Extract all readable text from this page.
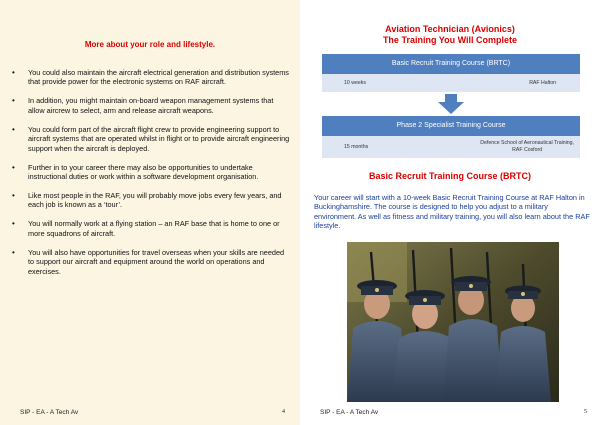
More about your role and lifestyle.
•	You could also maintain the aircraft electrical generation and distribution systems that provide power for the electronic systems on RAF aircraft.
•	In addition, you might maintain on-board weapon management systems that allow aircrew to select, arm and release aircraft weapons.
•	You could form part of the aircraft flight crew to provide engineering support to aircraft systems that are operated whilst in flight or to provide aircraft engineering support when the aircraft is deployed.
•	Further in to your career there may also be opportunities to undertake instructional duties or work within a software development organisation.
•	Like most people in the RAF, you will probably move jobs every few years, and each job is known as a ‘tour’.
•	You will normally work at a flying station – an RAF base that is home to one or more squadrons of aircraft.
•	You will also have opportunities for travel overseas when your skills are needed to support our aircraft and equipment around the world on operations and exercises.
SIP - EA - A Tech Av	4
Aviation Technician (Avionics)
The Training You Will Complete
Basic Recruit Training Course (BRTC)
10 weeks	RAF Halton
Phase 2 Specialist Training Course
15 months
Defence School of Aeronautical Training,
RAF Cosford
Basic Recruit Training Course (BRTC)
Your career will start with a 10-week Basic Recruit Training Course at RAF Halton in Buckinghamshire. The course is designed to help you adjust to a military environment. As well as fitness and military training, you will also learn about the RAF lifestyle.
SIP - EA - A Tech Av	5
